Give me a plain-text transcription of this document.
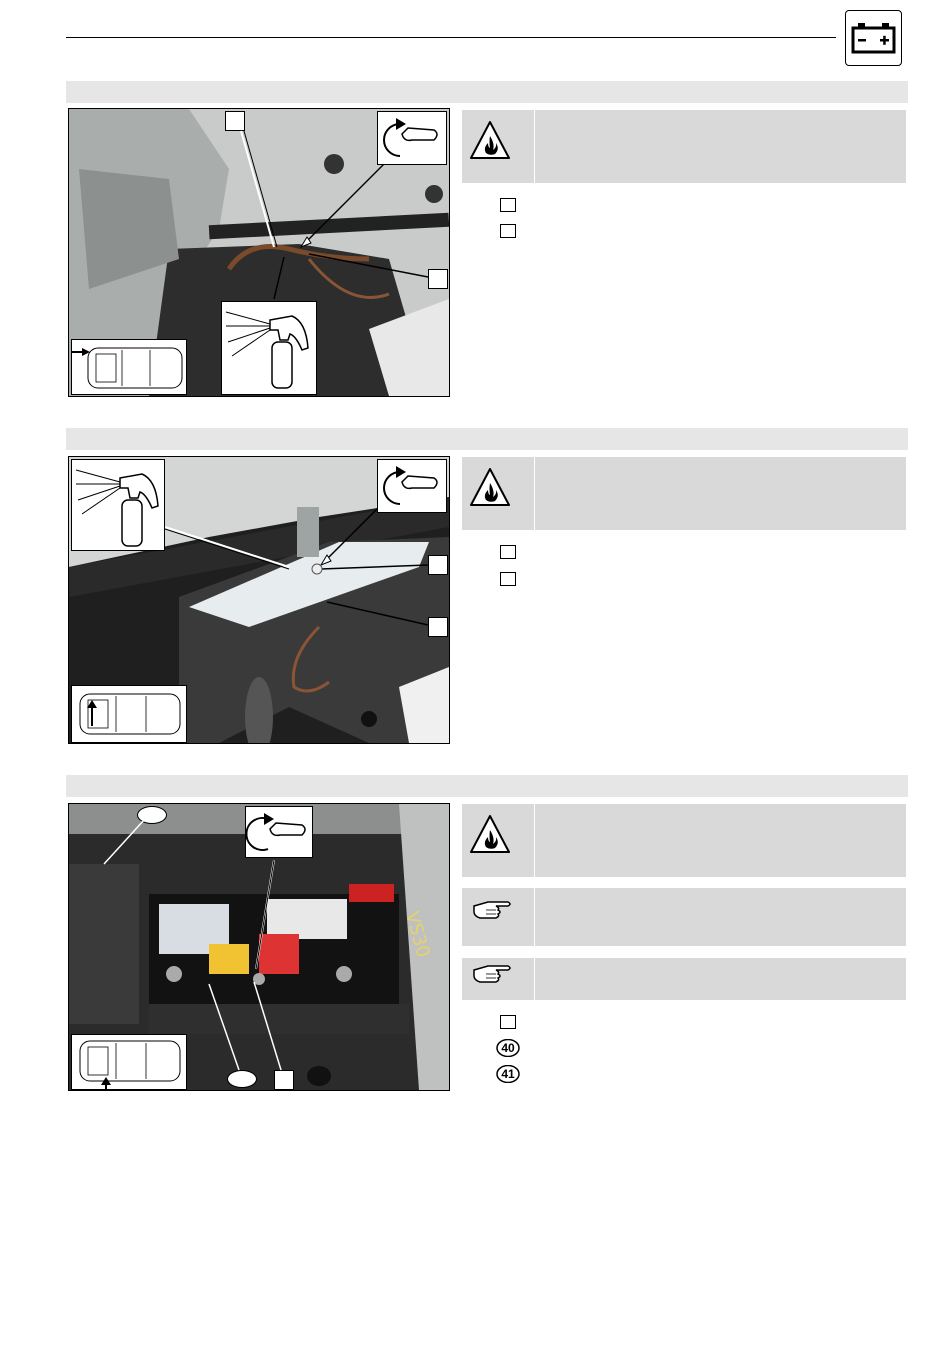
VS30
40
41
